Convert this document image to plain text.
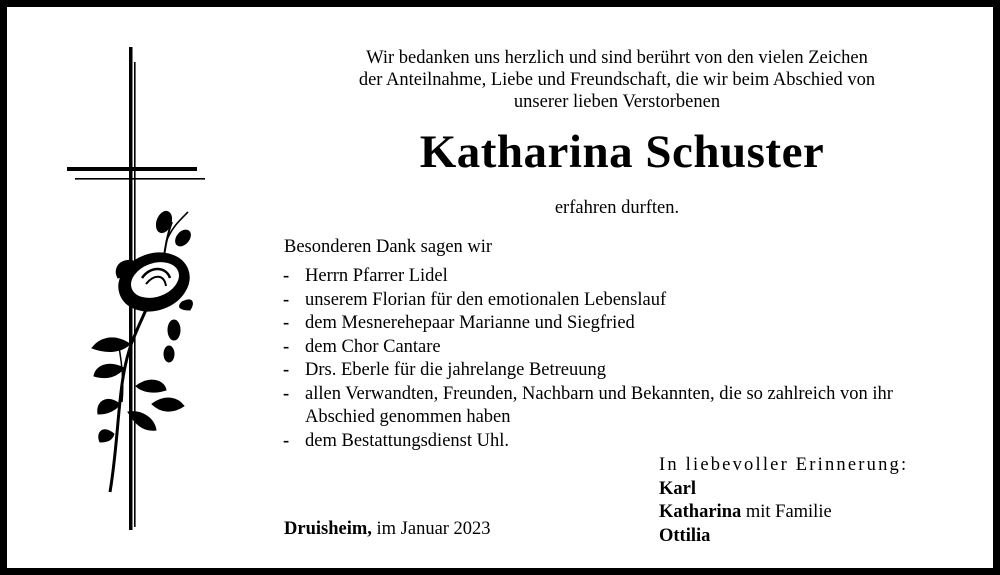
Wir bedanken uns herzlich und sind berührt von den vielen Zeichen
der Anteilnahme, Liebe und Freundschaft, die wir beim Abschied von
unserer lieben Verstorbenen
Katharina Schuster
erfahren durften.
Besonderen Dank sagen wir
- Herrn Pfarrer Lidel
- unserem Florian für den emotionalen Lebenslauf
- dem Mesnerehepaar Marianne und Siegfried
- dem Chor Cantare
- Drs. Eberle für die jahrelange Betreuung
- allen Verwandten, Freunden, Nachbarn und Bekannten, die so zahlreich von ihr Abschied genommen haben
- dem Bestattungsdienst Uhl.
Druisheim, im Januar 2023
In liebevoller Erinnerung:
Karl
Katharina mit Familie
Ottilia
